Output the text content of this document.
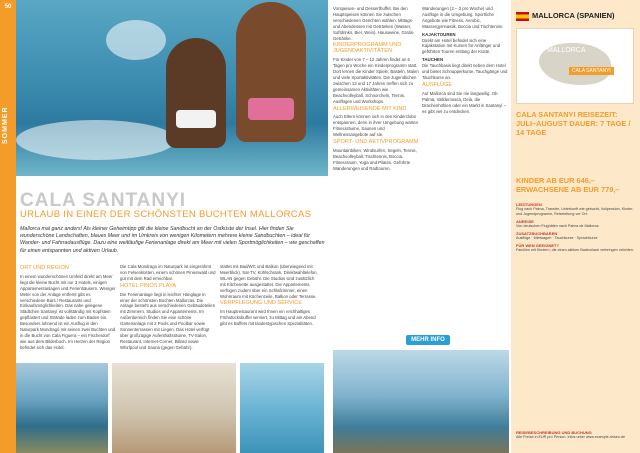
50
SOMMER
CALA SANTANYI
URLAUB IN EINER DER SCHÖNSTEN BUCHTEN MALLORCAS
Mallorca mal ganz anders! Als kleiner Geheimtipp gilt die kleine Sandbucht an der Ostküste der Insel. Hier finden Sie wunderschöne Landschaften, blaues Meer und im Umkreis von wenigen Kilometern mehrere kleine Sandbuchten – ideal für Wander- und Fahrradausflüge. Dazu eine weitläufige Ferienanlage direkt am Meer mit vielen Sportmöglichkeiten – wie geschaffen für einen entspannten und aktiven Urlaub.
ORT UND REGION

In einem wunderschönen Umfeld direkt am Meer liegt die kleine Bucht mit nur 3 Hotels, einigen Appartementanlagen und Ferienhäusern. Weniger Meter von der Anlage entfernt gibt es verschiedene Bars / Restaurants und Einkaufsmöglichkeiten. Das nahe gelegene Städtchen Santanyí ist vollständig mit Kopfstein gepflastert und Strände laden zum Baden ein. Besonders lohnend ist ein Ausflug in den Naturpark Mondragó mit seinen zwei Buchten und in die Bucht von Cala Figuera – ein Fischerdorf wie aus dem Bilderbuch. Im Herzen der Region befindet sich das Hotel.

Die Cala Mondrago im Naturpark ist eingerahmt von Felsenküsten, einem schönen Pinienwald und gut mit dem Rad erreichbar.

HOTEL PINOS PLAYA

Die Ferienanlage liegt in leichter Hanglage in einer der schönsten Buchten Mallorcas. Die Anlage besteht aus verschiedenen Gebäudeteilen mit Zimmern, Studios und Appartements. Im Außenbereich finden Sie eine schöne Gartenanlage mit 2 Pools und Poolbar sowie Sonnenterrassen mit Liegen. Das Hotel verfügt über großzügige Aufenthaltsräume, TV-Salon, Restaurant, Internet-Corner, Billard sowie Whirlpool und Sauna (gegen Gebühr).

stattet mit Bad/WC und Balkon (überwiegend mit Meerblick), Sat-TV, Kühlschrank, Direktwahltelefon, WLAN gegen Gebühr. Die Studios sind zusätzlich mit Kitchenette ausgestattet. Die Appartements verfügen zudem über ein Schlafzimmer, einen Wohnraum mit Küchenzeile, Balkon oder Terrasse.

VERPFLEGUNG UND SERVICE

Im Hauptrestaurant wird Ihnen ein reichhaltiges Frühstücksbuffet serviert, zu Mittag und am Abend gibt es Buffets mit landestypischen Spezialitäten.

Vorspeisen- und Dessertbuffet. Bei den Hauptspeisen können Sie zwischen verschiedenen Gerichten wählen. Mittags- und Abendessen mit Getränken (Wasser, Softdrinks, Bier, Wein). Hausweine, Gratis-Getränke.

KINDERPROGRAMM UND JUGENDAKTIVITÄTEN

Für Kinder von 7 – 12 Jahren findet an 6 Tagen pro Woche ein Kinderprogramm statt. Dort lernen die Kinder Spiele, Basteln, Malen und viele Sportaktivitäten. Die Jugendlichen zwischen 13 und 17 Jahren treffen sich zu gemeinsamen Aktivitäten wie Beachvolleyball, Schnorcheln, Tennis, Ausflügen und Workshops.

ALLERWEISENDE MIT KIND

Auch Eltern können sich in den Kinderclubs entspannen, denn in ihrer Umgebung warten Fitnessräume, Saunen und Wellnessangebote auf sie.

SPORT- UND AKTIVPROGRAMM

Mountainbiken, Windsurfen, Segeln, Tennis, Beachvolleyball, Tischtennis, Boccia, Fitnessraum, Yoga und Pilates. Geführte Wanderungen und Radtouren.

Wanderungen (2 – 3 pro Woche) und Ausflüge in die Umgebung. Sportliche Angebote wie Fitness, Aerobic, Wassergymnastik, Boccia und Tischtennis.

KAJAKTOUREN

Direkt am Hotel befindet sich eine Kajakstation mit Kursen für Anfänger und geführten Touren entlang der Küste.

TAUCHEN

Die Tauchbasis liegt direkt neben dem Hotel und bietet Schnupperkurse, Tauchgänge und Tauchkurse an.

AUSFLÜGE

Auf Mallorca sind Sie nie langweilig. Ob Palma, Valldemossa, Deià, die Drachenhöhlen oder ein Markt in Santanyí – es gibt viel zu entdecken.

MEHR INFO
MALLORCA (SPANIEN)
MALLORCA
CALA SANTANYI
CALA SANTANYI REISEZEIT: JULI–AUGUST DAUER: 7 TAGE / 14 TAGE
KINDER AB EUR 646,– ERWACHSENE AB EUR 779,–
LEISTUNGEN
Flug nach Palma, Transfer, Unterkunft wie gebucht, Vollpension, Kinder- und Jugendprogramm, Reiseleitung vor Ort.
ANREISE
Von deutschen Flughäfen nach Palma de Mallorca.
ZUSATZBUCHBAREN
Ausflüge · Mietwagen · Tauchkurse · Sprachkurse
FÜR WEN GEEIGNET?
Familien mit Kindern, die einen aktiven Badeurlaub verbringen möchten.
REISEBESCHREIBUNG UND BUCHUNG
Alle Preise in EUR pro Person. Infos unter www.example-reisen.de
